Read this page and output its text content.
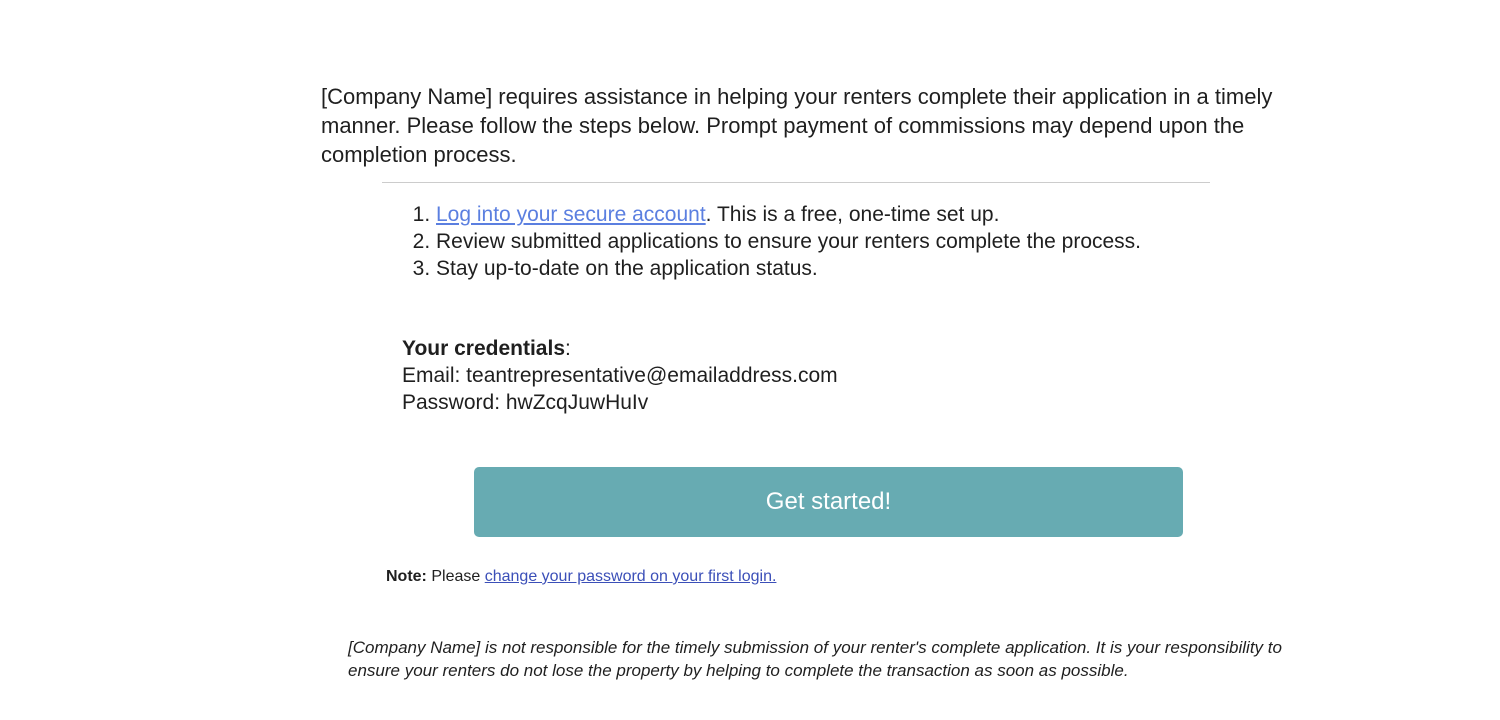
[Company Name] requires assistance in helping your renters complete their application in a timely manner. Please follow the steps below. Prompt payment of commissions may depend upon the completion process.

1. Log into your secure account. This is a free, one-time set up.
2. Review submitted applications to ensure your renters complete the process.
3. Stay up-to-date on the application status.
Your credentials:
Email: teantrepresentative@emailaddress.com
Password: hwZcqJuwHuIv
Get started!
Note: Please change your password on your first login.

[Company Name] is not responsible for the timely submission of your renter's complete application. It is your responsibility to ensure your renters do not lose the property by helping to complete the transaction as soon as possible.
